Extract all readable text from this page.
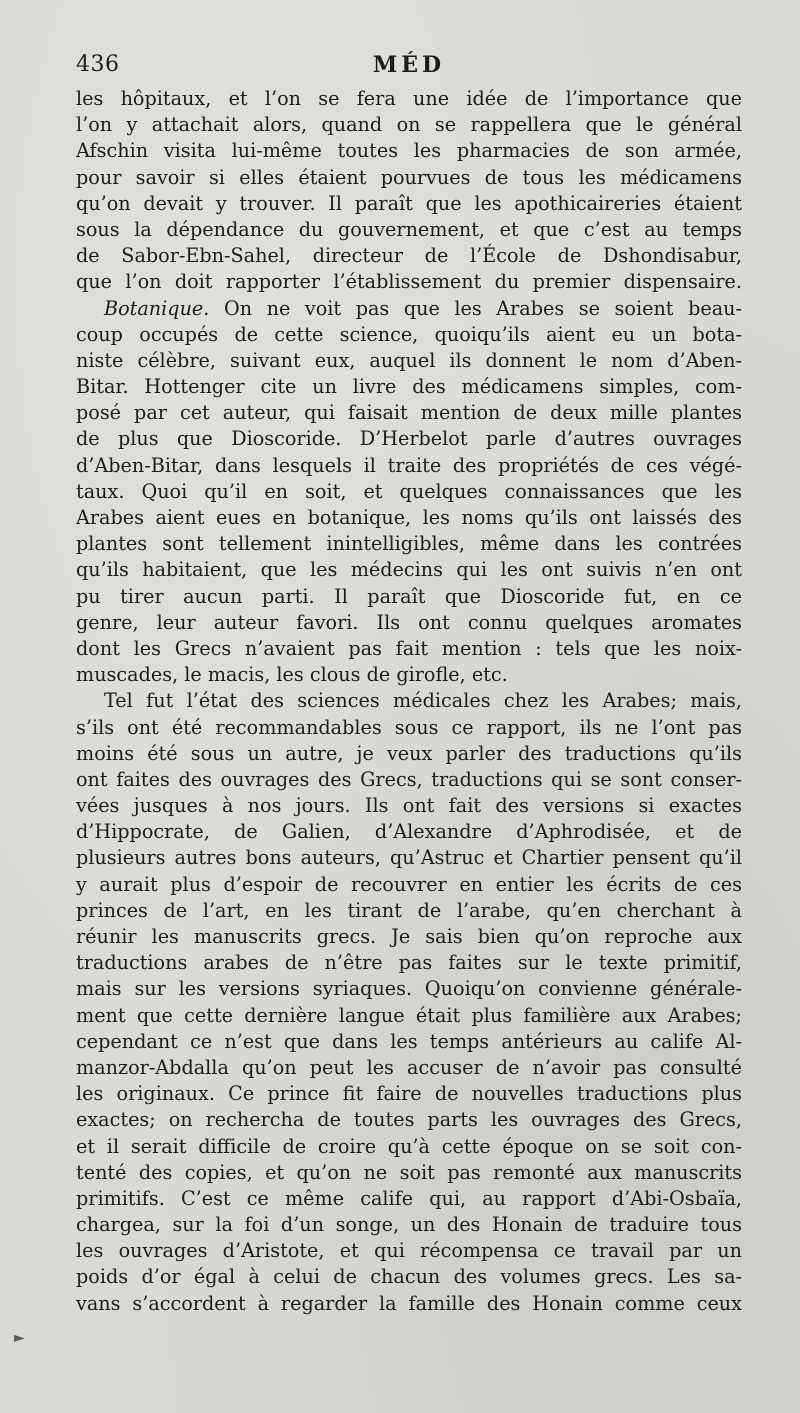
436	MÉD
les hôpitaux, et l’on se fera une idée de l’importance que
l’on y attachait alors, quand on se rappellera que le général
Afschin visita lui-même toutes les pharmacies de son armée,
pour savoir si elles étaient pourvues de tous les médicamens
qu’on devait y trouver. Il paraît que les apothicaireries étaient
sous la dépendance du gouvernement, et que c’est au temps
de Sabor-Ebn-Sahel, directeur de l’École de Dshondisabur,
que l’on doit rapporter l’établissement du premier dispensaire.
Botanique. On ne voit pas que les Arabes se soient beau-
coup occupés de cette science, quoiqu’ils aient eu un bota-
niste célèbre, suivant eux, auquel ils donnent le nom d’Aben-
Bitar. Hottenger cite un livre des médicamens simples, com-
posé par cet auteur, qui faisait mention de deux mille plantes
de plus que Dioscoride. D’Herbelot parle d’autres ouvrages
d’Aben-Bitar, dans lesquels il traite des propriétés de ces végé-
taux. Quoi qu’il en soit, et quelques connaissances que les
Arabes aient eues en botanique, les noms qu’ils ont laissés des
plantes sont tellement inintelligibles, même dans les contrées
qu’ils habitaient, que les médecins qui les ont suivis n’en ont
pu tirer aucun parti. Il paraît que Dioscoride fut, en ce
genre, leur auteur favori. Ils ont connu quelques aromates
dont les Grecs n’avaient pas fait mention : tels que les noix-
muscades, le macis, les clous de girofle, etc.
Tel fut l’état des sciences médicales chez les Arabes; mais,
s’ils ont été recommandables sous ce rapport, ils ne l’ont pas
moins été sous un autre, je veux parler des traductions qu’ils
ont faites des ouvrages des Grecs, traductions qui se sont conser-
vées jusques à nos jours. Ils ont fait des versions si exactes
d’Hippocrate, de Galien, d’Alexandre d’Aphrodisée, et de
plusieurs autres bons auteurs, qu’Astruc et Chartier pensent qu’il
y aurait plus d’espoir de recouvrer en entier les écrits de ces
princes de l’art, en les tirant de l’arabe, qu’en cherchant à
réunir les manuscrits grecs. Je sais bien qu’on reproche aux
traductions arabes de n’être pas faites sur le texte primitif,
mais sur les versions syriaques. Quoiqu’on convienne générale-
ment que cette dernière langue était plus familière aux Arabes;
cependant ce n’est que dans les temps antérieurs au calife Al-
manzor-Abdalla qu’on peut les accuser de n’avoir pas consulté
les originaux. Ce prince fit faire de nouvelles traductions plus
exactes; on rechercha de toutes parts les ouvrages des Grecs,
et il serait difficile de croire qu’à cette époque on se soit con-
tenté des copies, et qu’on ne soit pas remonté aux manuscrits
primitifs. C’est ce même calife qui, au rapport d’Abi-Osbaïa,
chargea, sur la foi d’un songe, un des Honain de traduire tous
les ouvrages d’Aristote, et qui récompensa ce travail par un
poids d’or égal à celui de chacun des volumes grecs. Les sa-
vans s’accordent à regarder la famille des Honain comme ceux
►
